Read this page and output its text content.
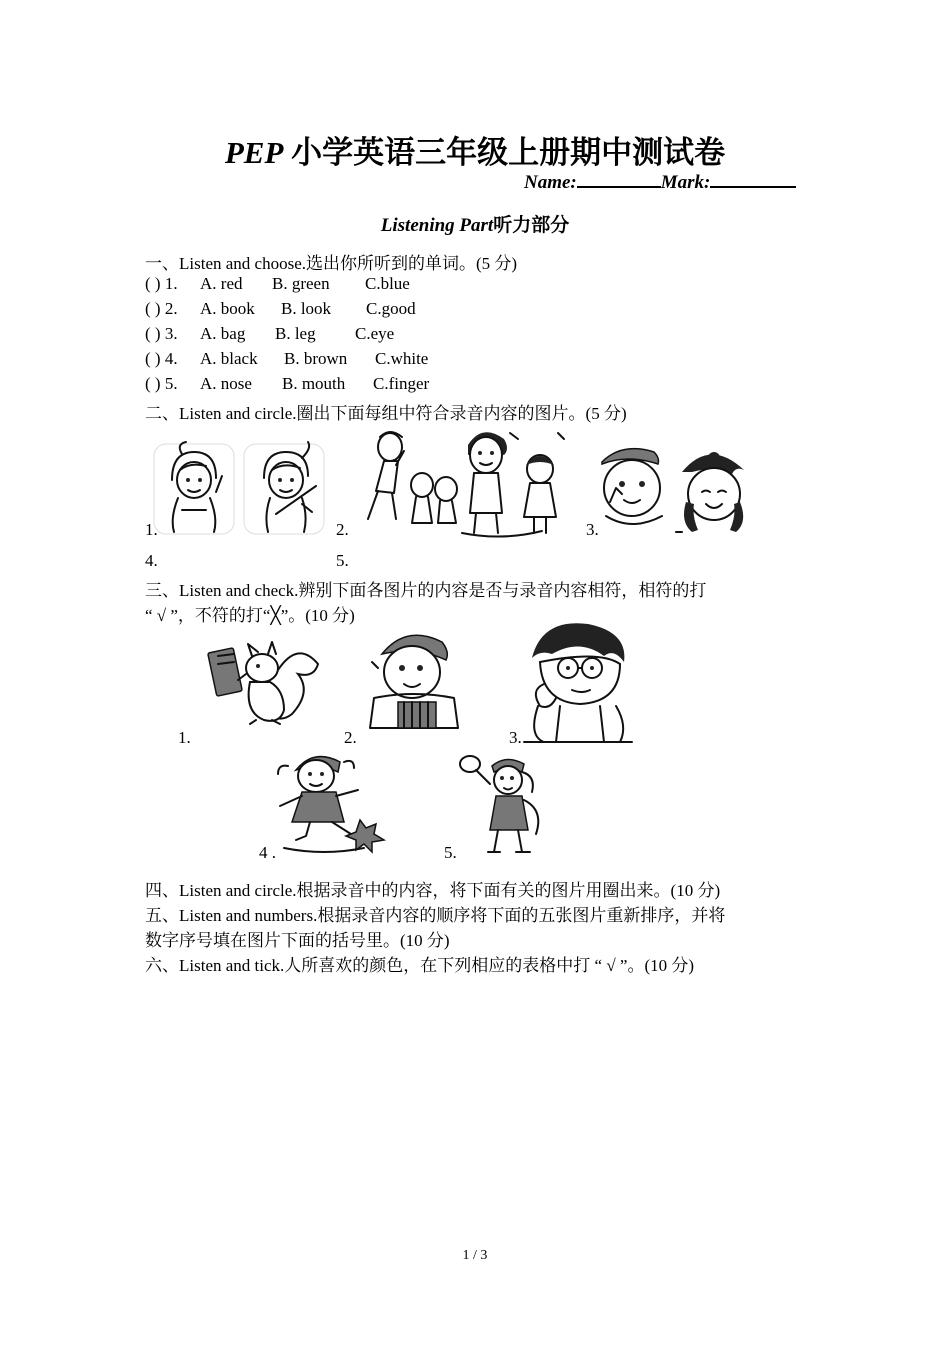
PEP 小学英语三年级上册期中测试卷
Name:	Mark:
Listening Part听力部分
一、Listen and choose.选出你所听到的单词。(5 分)
( ) 1. A. red B. green C.blue
( ) 2. A. book B. look C.good
( ) 3. A. bag B. leg C.eye
( ) 4. A. black B. brown C.white
( ) 5. A. nose B. mouth C.finger
二、Listen and circle.圈出下面每组中符合录音内容的图片。(5 分)
1.	2.	3.
4.	5.
三、Listen and check.辨别下面各图片的内容是否与录音内容相符，相符的打
“ √ ”，不符的打“╳”。(10 分)
1.	2.	3.
4 .	5.
四、Listen and circle.根据录音中的内容，将下面有关的图片用圈出来。(10 分)
五、Listen and numbers.根据录音内容的顺序将下面的五张图片重新排序，并将
数字序号填在图片下面的括号里。(10 分)
六、Listen and tick.人所喜欢的颜色，在下列相应的表格中打 “ √ ”。(10 分)
1 / 3
